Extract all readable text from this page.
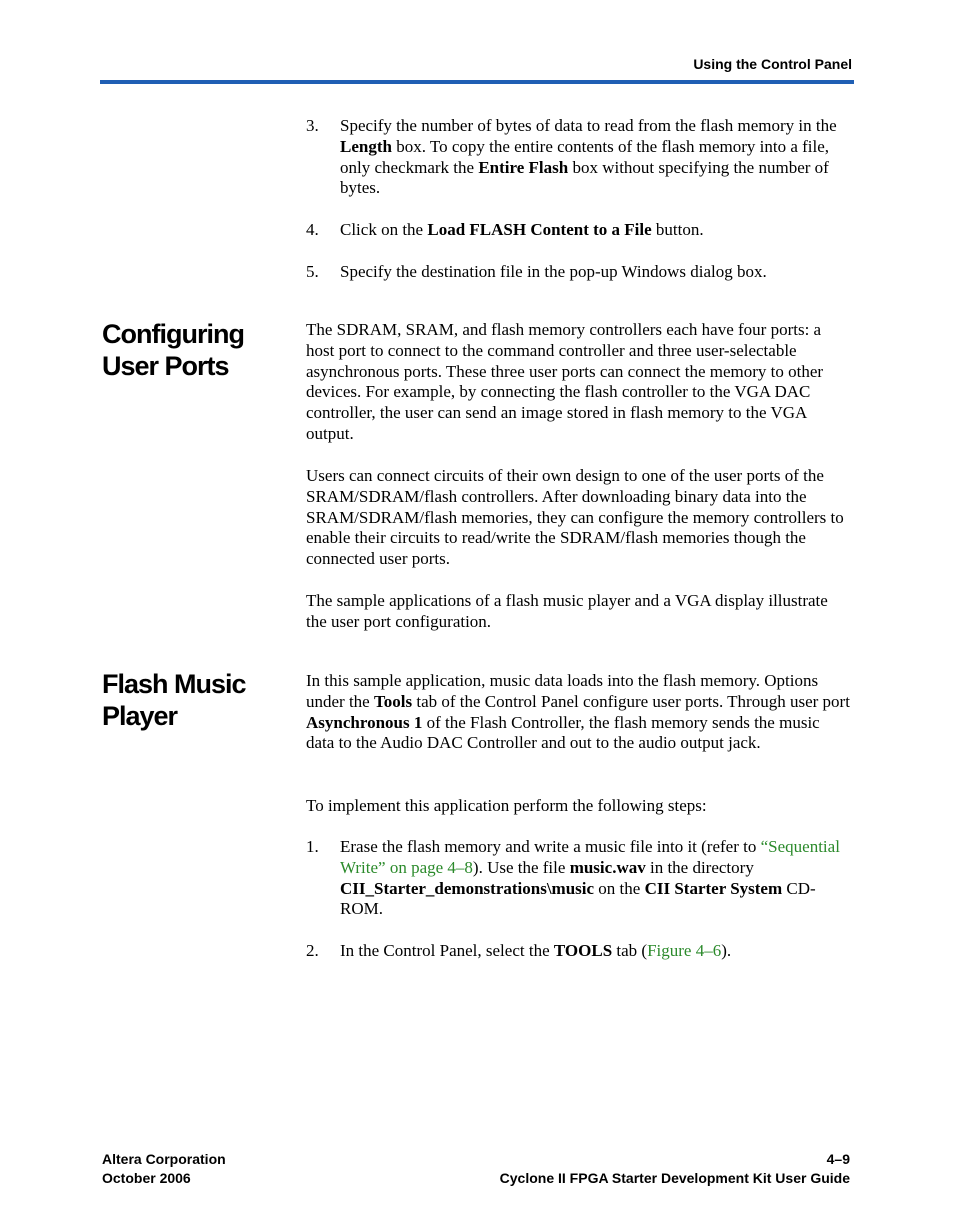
Using the Control Panel
3. Specify the number of bytes of data to read from the flash memory in the Length box. To copy the entire contents of the flash memory into a file, only checkmark the Entire Flash box without specifying the number of bytes.
4. Click on the Load FLASH Content to a File button.
5. Specify the destination file in the pop-up Windows dialog box.
Configuring User Ports

The SDRAM, SRAM, and flash memory controllers each have four ports: a host port to connect to the command controller and three user-selectable asynchronous ports. These three user ports can connect the memory to other devices. For example, by connecting the flash controller to the VGA DAC controller, the user can send an image stored in flash memory to the VGA output.

Users can connect circuits of their own design to one of the user ports of the SRAM/SDRAM/flash controllers. After downloading binary data into the SRAM/SDRAM/flash memories, they can configure the memory controllers to enable their circuits to read/write the SDRAM/flash memories though the connected user ports.

The sample applications of a flash music player and a VGA display illustrate the user port configuration.

Flash Music Player

In this sample application, music data loads into the flash memory. Options under the Tools tab of the Control Panel configure user ports. Through user port Asynchronous 1 of the Flash Controller, the flash memory sends the music data to the Audio DAC Controller and out to the audio output jack.

To implement this application perform the following steps:

1. Erase the flash memory and write a music file into it (refer to “Sequential Write” on page 4–8). Use the file music.wav in the directory CII_Starter_demonstrations\music on the CII Starter System CD-ROM.
2. In the Control Panel, select the TOOLS tab (Figure 4–6).
Altera Corporation
October 2006
4–9
Cyclone II FPGA Starter Development Kit User Guide
